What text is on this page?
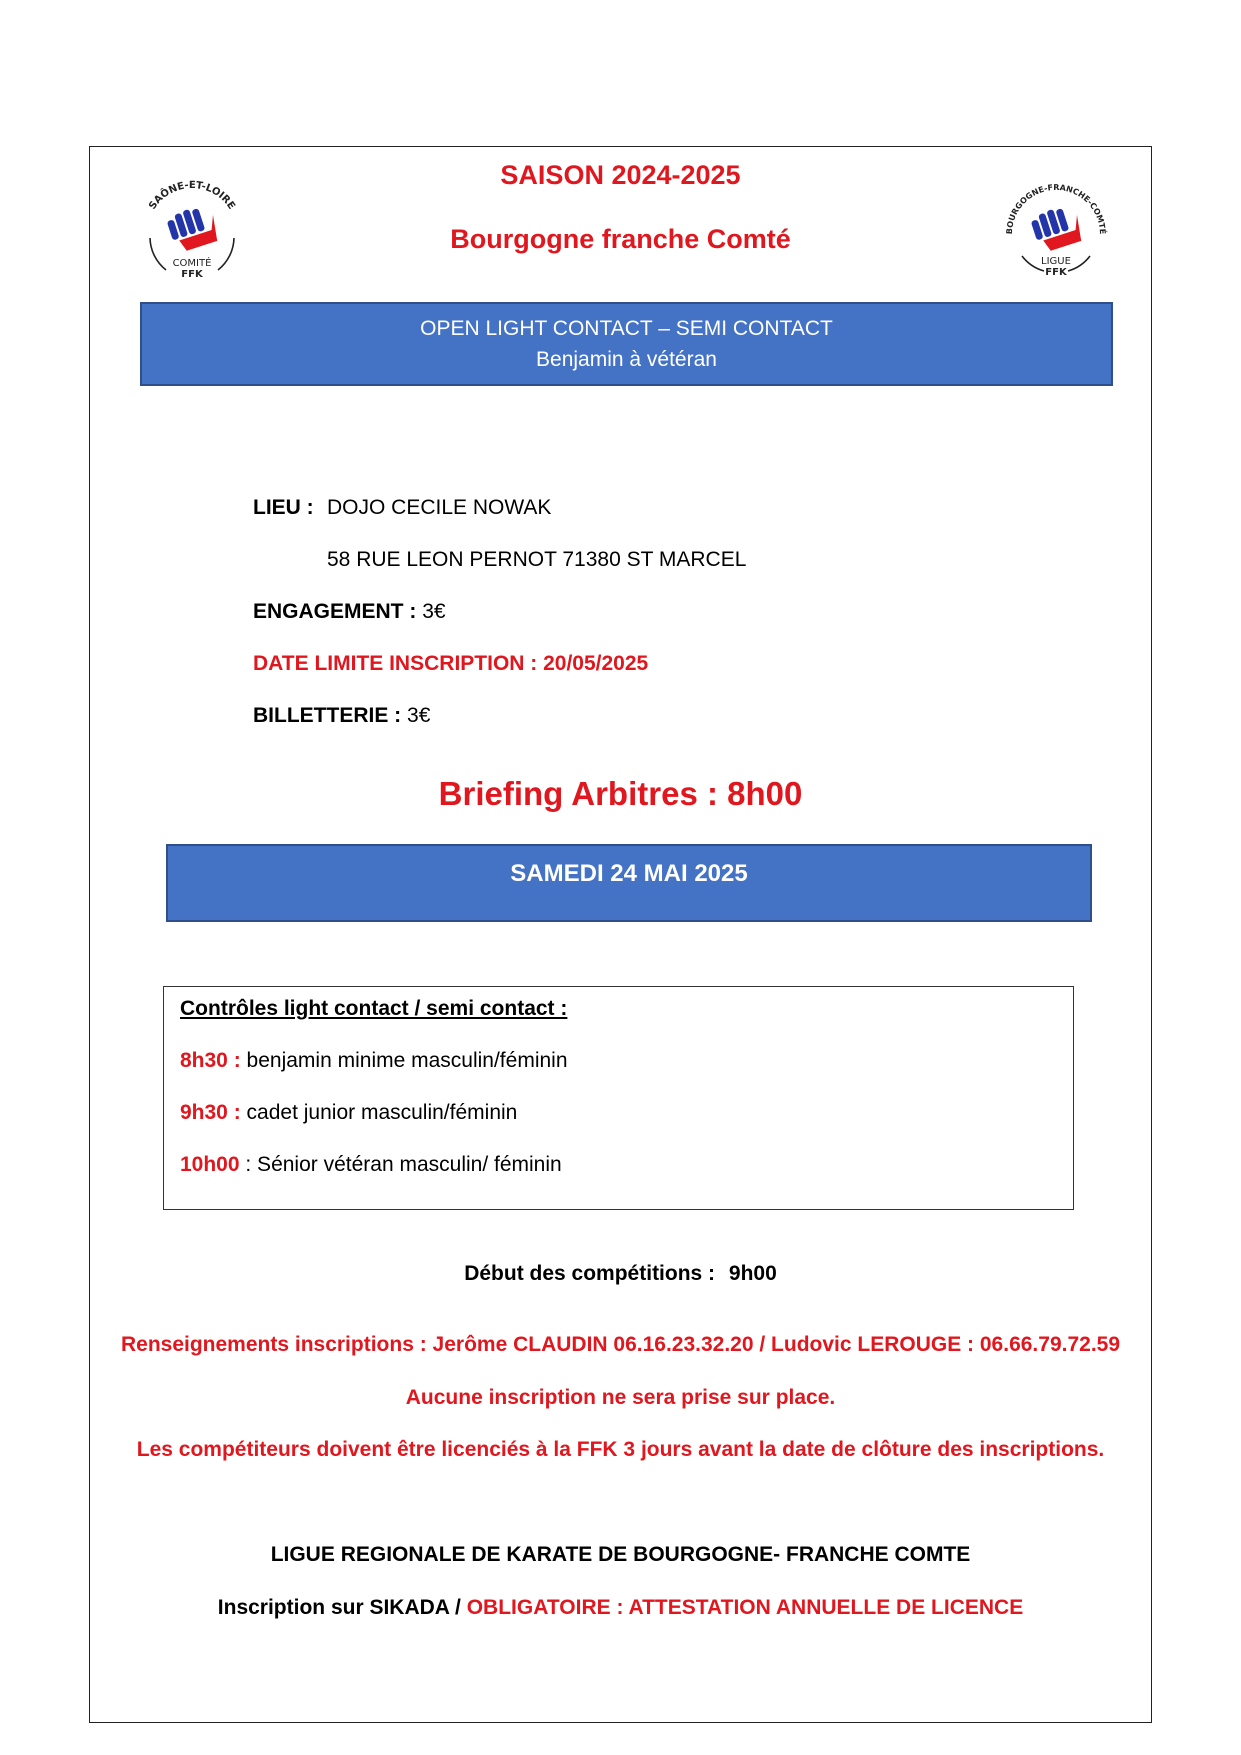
SAÔNE-ET-LOIRE
COMITÉ
FFK
BOURGOGNE-FRANCHE-COMTÉ
LIGUE
FFK
SAISON 2024-2025
Bourgogne franche Comté
OPEN LIGHT CONTACT – SEMI CONTACT
Benjamin à vétéran
LIEU : DOJO CECILE NOWAK
58 RUE LEON PERNOT 71380 ST MARCEL
ENGAGEMENT : 3€
DATE LIMITE INSCRIPTION : 20/05/2025
BILLETTERIE : 3€
Briefing Arbitres : 8h00
SAMEDI 24 MAI 2025
Contrôles light contact / semi contact :
8h30 : benjamin minime masculin/féminin
9h30 : cadet junior masculin/féminin
10h00 : Sénior vétéran masculin/ féminin
Début des compétitions : 9h00
Renseignements inscriptions : Jerôme CLAUDIN 06.16.23.32.20 / Ludovic LEROUGE : 06.66.79.72.59
Aucune inscription ne sera prise sur place.
Les compétiteurs doivent être licenciés à la FFK 3 jours avant la date de clôture des inscriptions.
LIGUE REGIONALE DE KARATE DE BOURGOGNE- FRANCHE COMTE
Inscription sur SIKADA / OBLIGATOIRE : ATTESTATION ANNUELLE DE LICENCE
